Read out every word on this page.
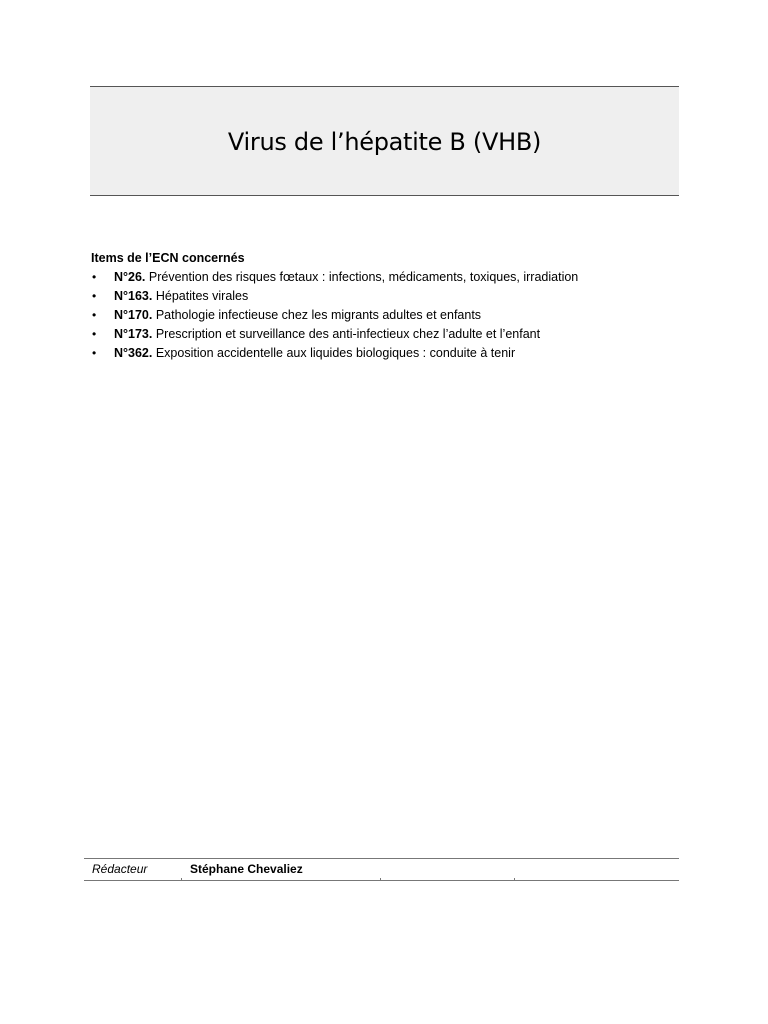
Virus de l’hépatite B (VHB)

Items de l’ECN concernés

• N°26. Prévention des risques fœtaux : infections, médicaments, toxiques, irradiation
• N°163. Hépatites virales
• N°170. Pathologie infectieuse chez les migrants adultes et enfants
• N°173. Prescription et surveillance des anti-infectieux chez l’adulte et l’enfant
• N°362. Exposition accidentelle aux liquides biologiques : conduite à tenir
Rédacteur	Stéphane Chevaliez
